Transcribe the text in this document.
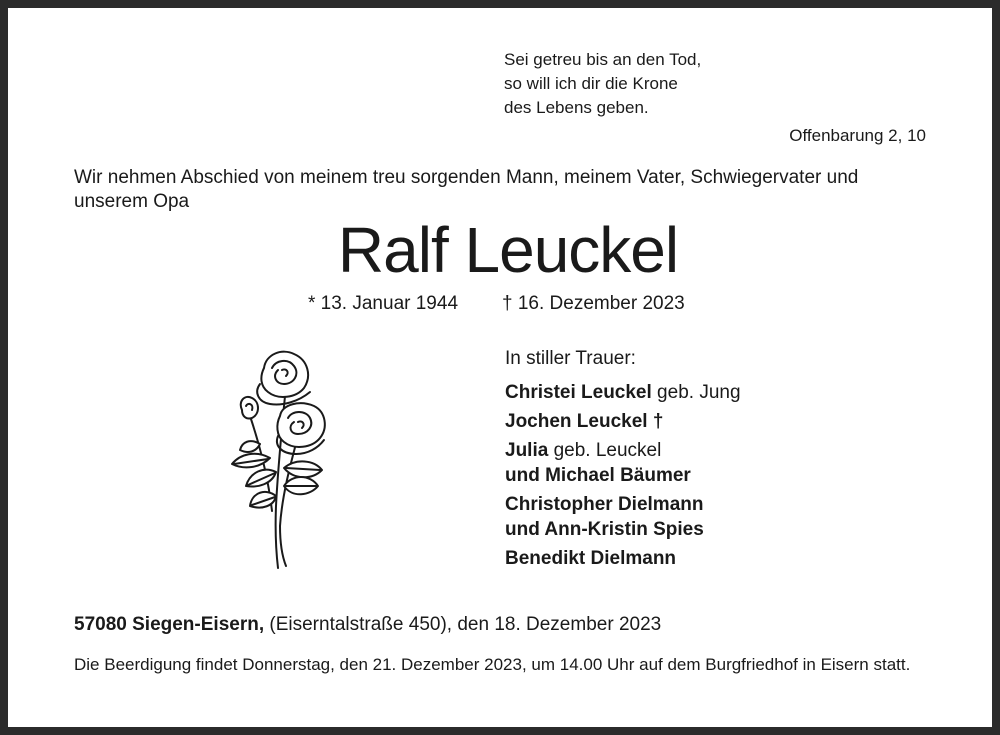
Sei getreu bis an den Tod,
so will ich dir die Krone
des Lebens geben.
Offenbarung 2, 10
Wir nehmen Abschied von meinem treu sorgenden Mann, meinem Vater, Schwiegervater und unserem Opa
Ralf Leuckel
* 13. Januar 1944 † 16. Dezember 2023
In stiller Trauer:
Christei Leuckel geb. Jung
Jochen Leuckel †
Julia geb. Leuckel
und Michael Bäumer
Christopher Dielmann
und Ann-Kristin Spies
Benedikt Dielmann
57080 Siegen-Eisern, (Eiserntalstraße 450), den 18. Dezember 2023
Die Beerdigung findet Donnerstag, den 21. Dezember 2023, um 14.00 Uhr auf dem Burgfriedhof in Eisern statt.
